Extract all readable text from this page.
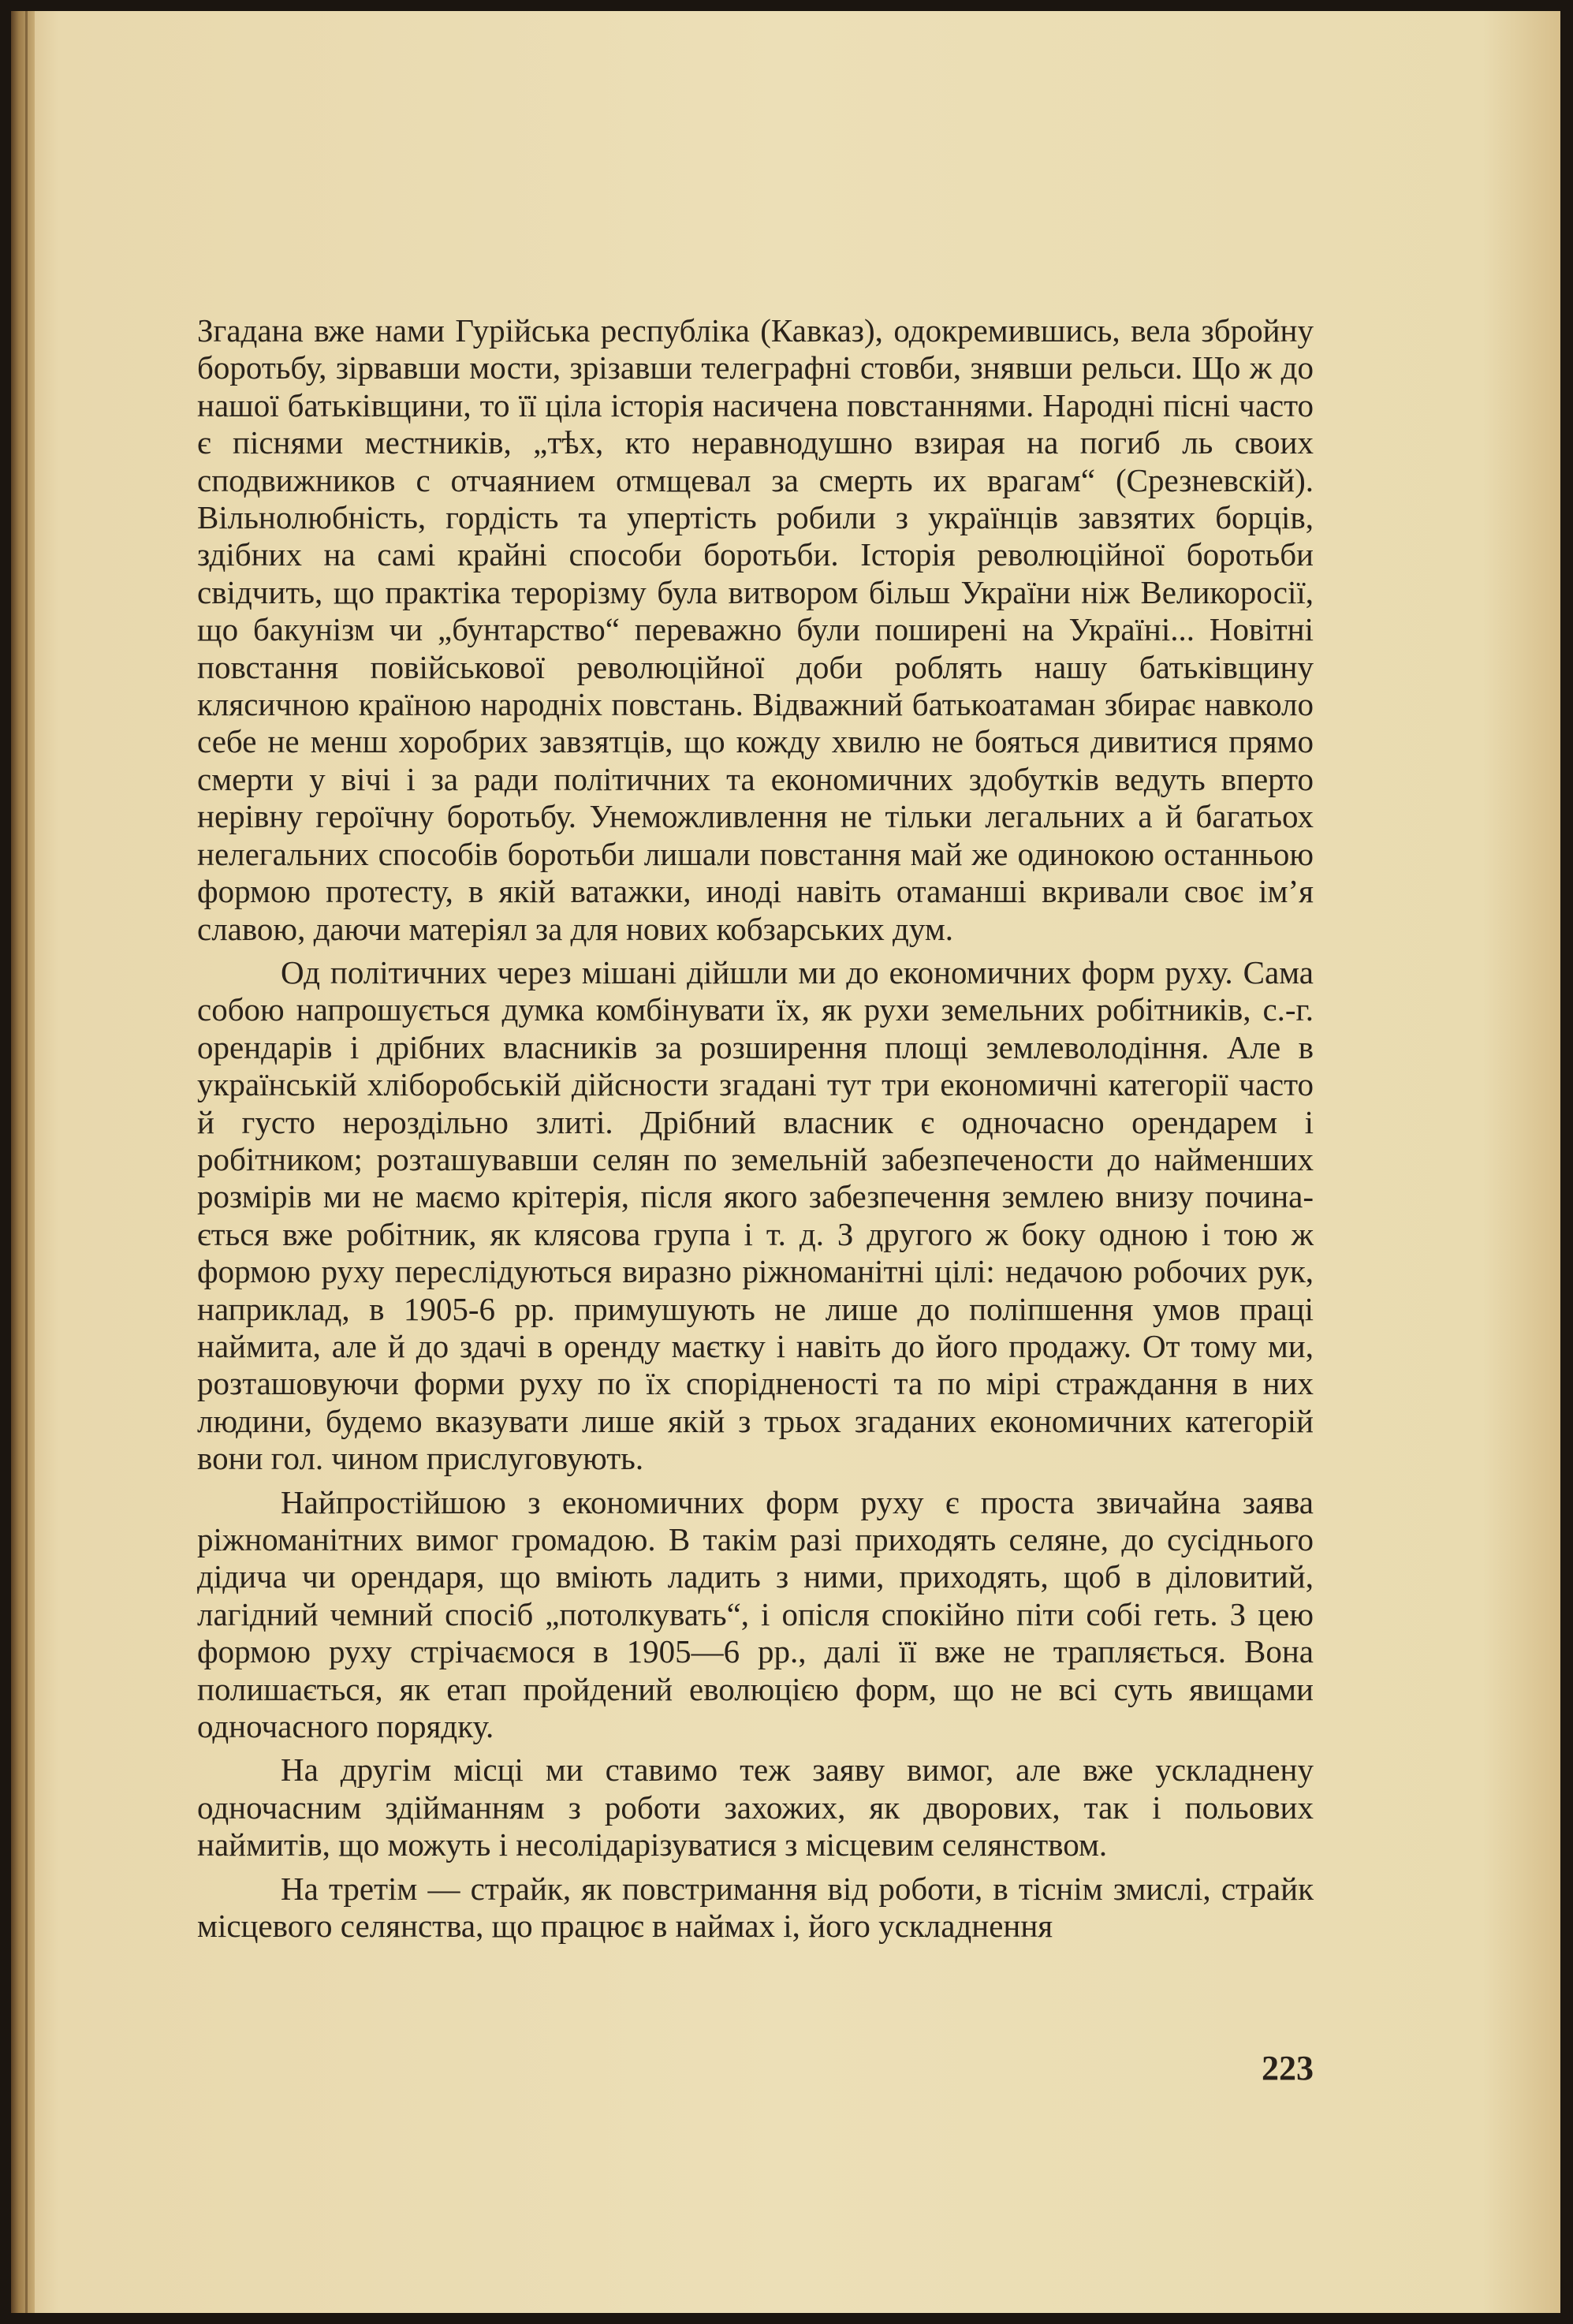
Згадана вже нами Гурійська республіка (Кавказ), одокремившись, вела збройну боротьбу, зірвавши мости, зрізавши телеграфні стовби, знявши рельси. Що ж до нашої батьківщини, то її ціла історія насичена повстаннями. Народні пісні часто є піснями местників, „тѣх, кто неравнодушно взирая на погиб ль своих сподвижников с отчаянием отмщевал за смерть их врагам“ (Срезневскій). Вільнолюбність, гордість та упертість робили з українців завзятих борців, здібних на самі крайні способи боротьби. Історія революційної боротьби свідчить, що практіка терорізму була витвором більш України ніж Великоросії, що бакунізм чи „бунтарство“ переважно були поширені на Україні... Новітні повстання повійськової революційної доби роблять нашу батьківщину клясичною країною народніх повстань. Відважний батькоатаман збирає навколо себе не менш хоробрих завзятців, що кожду хвилю не бояться дивитися прямо смерти у вічі і за ради політичних та економичних здобутків ведуть вперто нерівну героїчну боротьбу. Унеможливлення не тільки легальних а й багатьох нелегальних способів боротьби лишали повстання май же одинокою останньою формою протесту, в якій ватажки, иноді навіть отаманші вкривали своє ім’я славою, даючи матеріял за для нових кобзарських дум.

Од політичних через мішані дійшли ми до економичних форм руху. Сама собою напрошується думка комбінувати їх, як рухи земельних робітників, с.-г. орендарів і дрібних власників за розширення площі землеволодіння. Але в українській хліборобській дійсности згадані тут три економичні категорії часто й густо нероздільно злиті. Дрібний власник є одночасно орендарем і робітником; розташувавши селян по земельній забезпечености до найменших розмірів ми не маємо крітерія, після якого забезпечення землею внизу починається вже робітник, як клясова група і т. д. З другого ж боку одною і тою ж формою руху переслідуються виразно ріжноманітні цілі: недачою робочих рук, наприклад, в 1905-6 рр. примушують не лише до поліпшення умов праці наймита, але й до здачі в оренду маєтку і навіть до його продажу. От тому ми, розташовуючи форми руху по їх спорідненості та по мірі страждання в них людини, будемо вказувати лише якій з трьох згаданих економичних категорій вони гол. чином прислуговують.

Найпростійшою з економичних форм руху є проста звичайна заява ріжноманітних вимог громадою. В такім разі приходять селяне, до сусіднього дідича чи орендаря, що вміють ладить з ними, приходять, щоб в діловитий, лагідний чемний спосіб „потолкувать“, і опісля спокійно піти собі геть. З цею формою руху стрічаємося в 1905—6 рр., далі її вже не трапляється. Вона полишається, як етап пройдений еволюцією форм, що не всі суть явищами одночасного порядку.

На другім місці ми ставимо теж заяву вимог, але вже ускладнену одночасним здійманням з роботи захожих, як дворових, так і польових наймитів, що можуть і несолідарізуватися з місцевим селянством.

На третім — страйк, як повстримання від роботи, в тіснім змислі, страйк місцевого селянства, що працює в наймах і, його ускладнення

223
